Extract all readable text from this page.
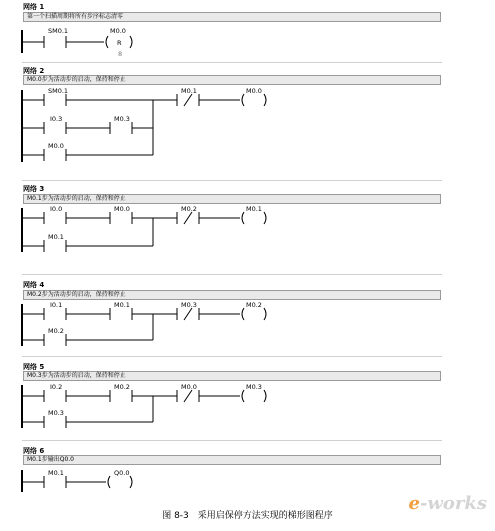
网络 1
第一个扫描周期将所有步序标志清零
网络 2
M0.0步为活动步的启动，保持和停止
网络 3
M0.1步为活动步的启动，保持和停止
网络 4
M0.2步为活动步的启动，保持和停止
网络 5
M0.3步为活动步的启动，保持和停止
网络 6
M0.1步输出Q0.0
SM0.1	M0.0
R
8
SM0.1	M0.1	M0.0
I0.3	M0.3
M0.0
I0.0	M0.0	M0.2	M0.1
M0.1
I0.1	M0.1	M0.3	M0.2
M0.2
I0.2	M0.2	M0.0	M0.3
M0.3
M0.1	Q0.0
图 8-3　采用启保停方法实现的梯形图程序
e-works
